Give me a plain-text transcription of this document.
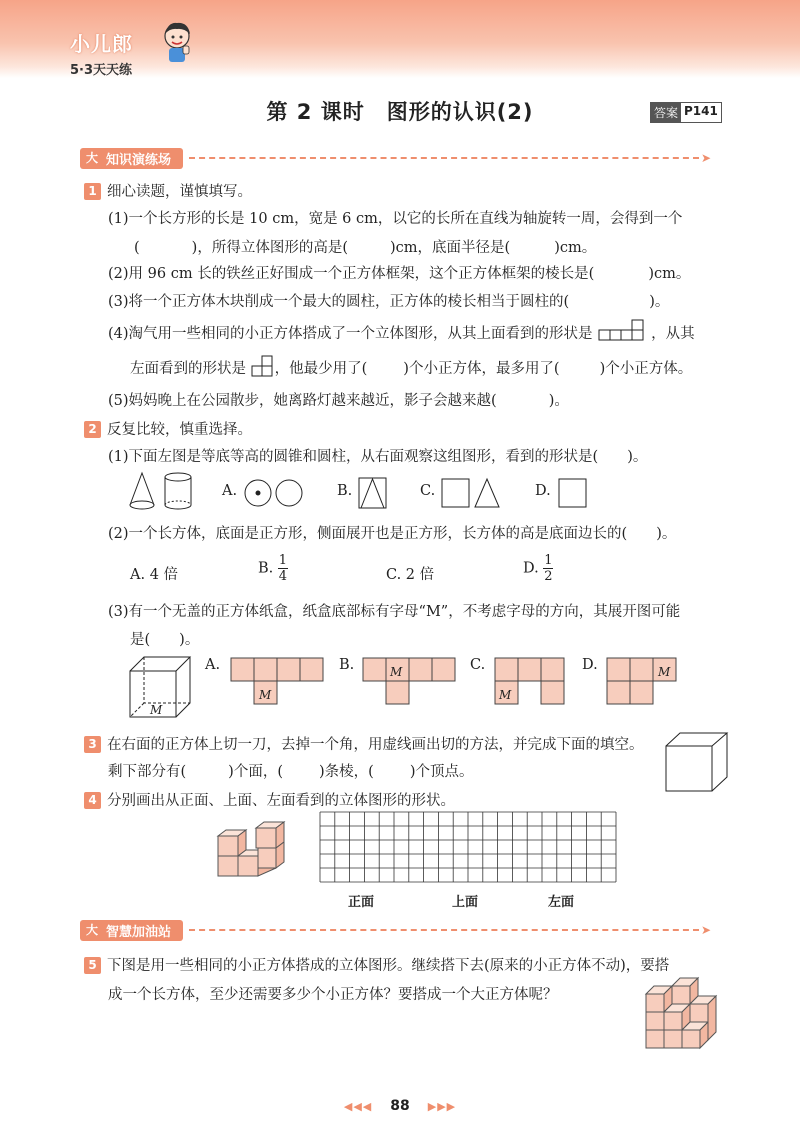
小儿郎
5·3天天练
第 2 课时　图形的认识(2)	答案 P141
大 知识演练场	➤
1 细心读题，谨慎填写。
(1)一个长方形的长是 10 cm，宽是 6 cm，以它的长所在直线为轴旋转一周，会得到一个
(	)，所得立体图形的高是(	)cm，底面半径是(	)cm。
(2)用 96 cm 长的铁丝正好围成一个正方体框架，这个正方体框架的棱长是(	)cm。
(3)将一个正方体木块削成一个最大的圆柱，正方体的棱长相当于圆柱的(	)。
(4)淘气用一些相同的小正方体搭成了一个立体图形，从其上面看到的形状是	，从其
左面看到的形状是 ，他最少用了( )个小正方体，最多用了(	)个小正方体。
(5)妈妈晚上在公园散步，她离路灯越来越近，影子会越来越(	)。
2 反复比较，慎重选择。
(1)下面左图是等底等高的圆锥和圆柱，从右面观察这组图形，看到的形状是(　　)。
A.	B.	C.	D.
(2)一个长方体，底面是正方形，侧面展开也是正方形，长方体的高是底面边长的(　　)。
A. 4 倍	B. $\frac{1}{4}$	C. 2 倍	D. $\frac{1}{2}$
(3)有一个无盖的正方体纸盒，纸盒底部标有字母“M”，不考虑字母的方向，其展开图可能
是(　　)。
M
A.
M
B.	M	C.
M
D.	M
3 在右面的正方体上切一刀，去掉一个角，用虚线画出切的方法，并完成下面的填空。
剩下部分有(	)个面，( )条棱，( )个顶点。
4 分别画出从正面、上面、左面看到的立体图形的形状。
正面	上面	左面
大 智慧加油站	➤
5 下图是用一些相同的小正方体搭成的立体图形。继续搭下去(原来的小正方体不动)，要搭
成一个长方体，至少还需要多少个小正方体？要搭成一个大正方体呢？
◀◀◀ 88 ▶▶▶
